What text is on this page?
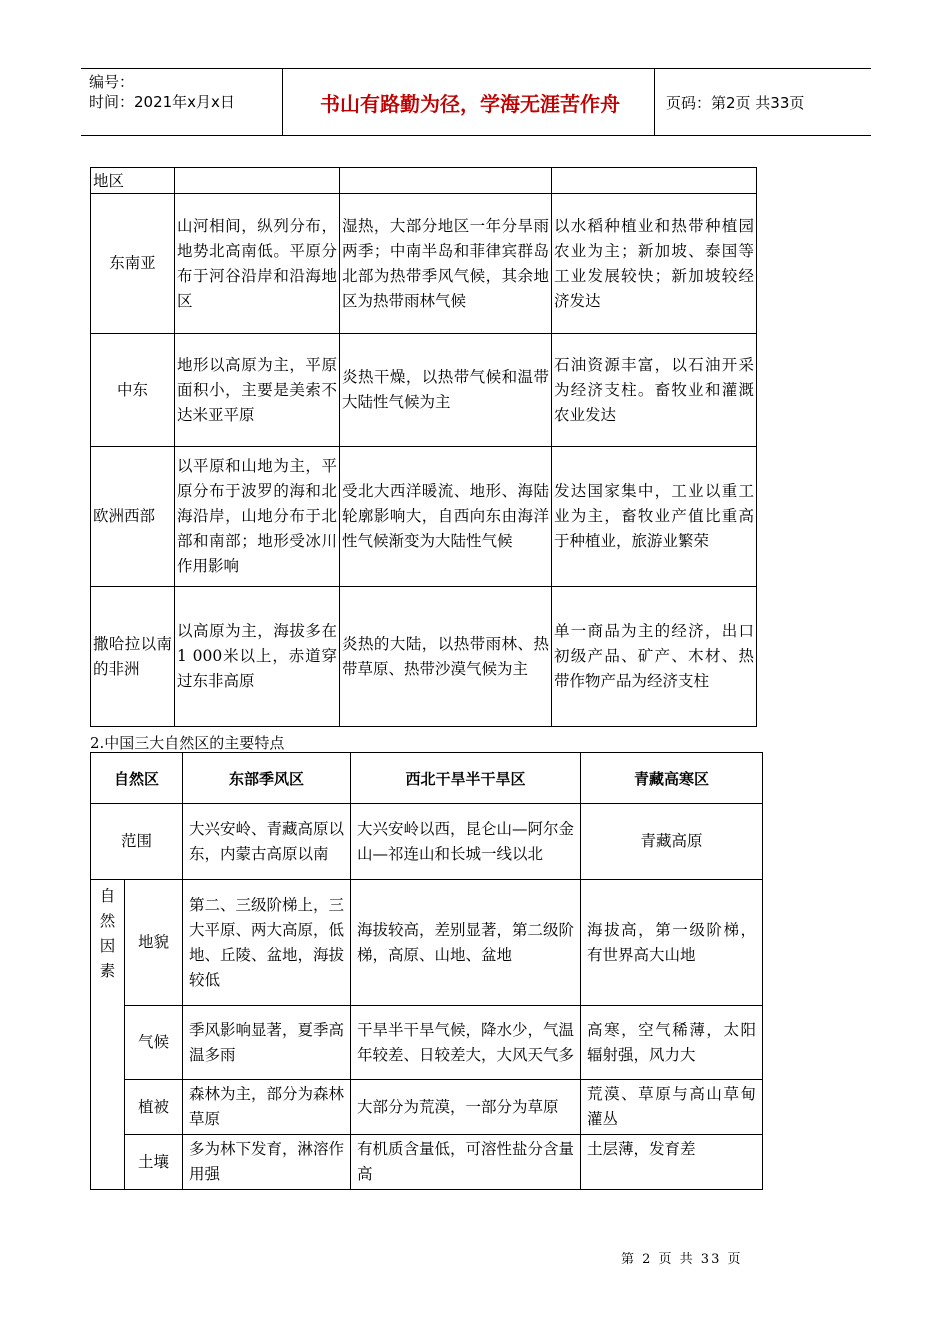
编号：
时间：2021年x月x日	书山有路勤为径，学海无涯苦作舟	页码：第2页 共33页
地区			
东南亚	山河相间，纵列分布，地势北高南低。平原分布于河谷沿岸和沿海地区	湿热，大部分地区一年分旱雨两季；中南半岛和菲律宾群岛北部为热带季风气候，其余地区为热带雨林气候	以水稻种植业和热带种植园农业为主；新加坡、泰国等工业发展较快；新加坡较经济发达
中东	地形以高原为主，平原面积小，主要是美索不达米亚平原	炎热干燥，以热带气候和温带大陆性气候为主	石油资源丰富，以石油开采为经济支柱。畜牧业和灌溉农业发达
欧洲西部	以平原和山地为主，平原分布于波罗的海和北海沿岸，山地分布于北部和南部；地形受冰川作用影响	受北大西洋暖流、地形、海陆轮廓影响大，自西向东由海洋性气候渐变为大陆性气候	发达国家集中，工业以重工业为主，畜牧业产值比重高于种植业，旅游业繁荣
撒哈拉以南的非洲	以高原为主，海拔多在1 000米以上，赤道穿过东非高原	炎热的大陆，以热带雨林、热带草原、热带沙漠气候为主	单一商品为主的经济，出口初级产品、矿产、木材、热带作物产品为经济支柱
2.中国三大自然区的主要特点
自然区		东部季风区	西北干旱半干旱区	青藏高寒区
范围		大兴安岭、青藏高原以东，内蒙古高原以南	大兴安岭以西，昆仑山—阿尔金山—祁连山和长城一线以北	青藏高原
自然因素	地貌	第二、三级阶梯上，三大平原、两大高原，低地、丘陵、盆地，海拔较低	海拔较高，差别显著，第二级阶梯，高原、山地、盆地	海拔高，第一级阶梯，有世界高大山地
	气候	季风影响显著，夏季高温多雨	干旱半干旱气候，降水少，气温年较差、日较差大，大风天气多	高寒，空气稀薄，太阳辐射强，风力大
	植被	森林为主，部分为森林草原	大部分为荒漠，一部分为草原	荒漠、草原与高山草甸灌丛
	土壤	多为林下发育，淋溶作用强	有机质含量低，可溶性盐分含量高	土层薄，发育差
第 2 页 共 33 页
